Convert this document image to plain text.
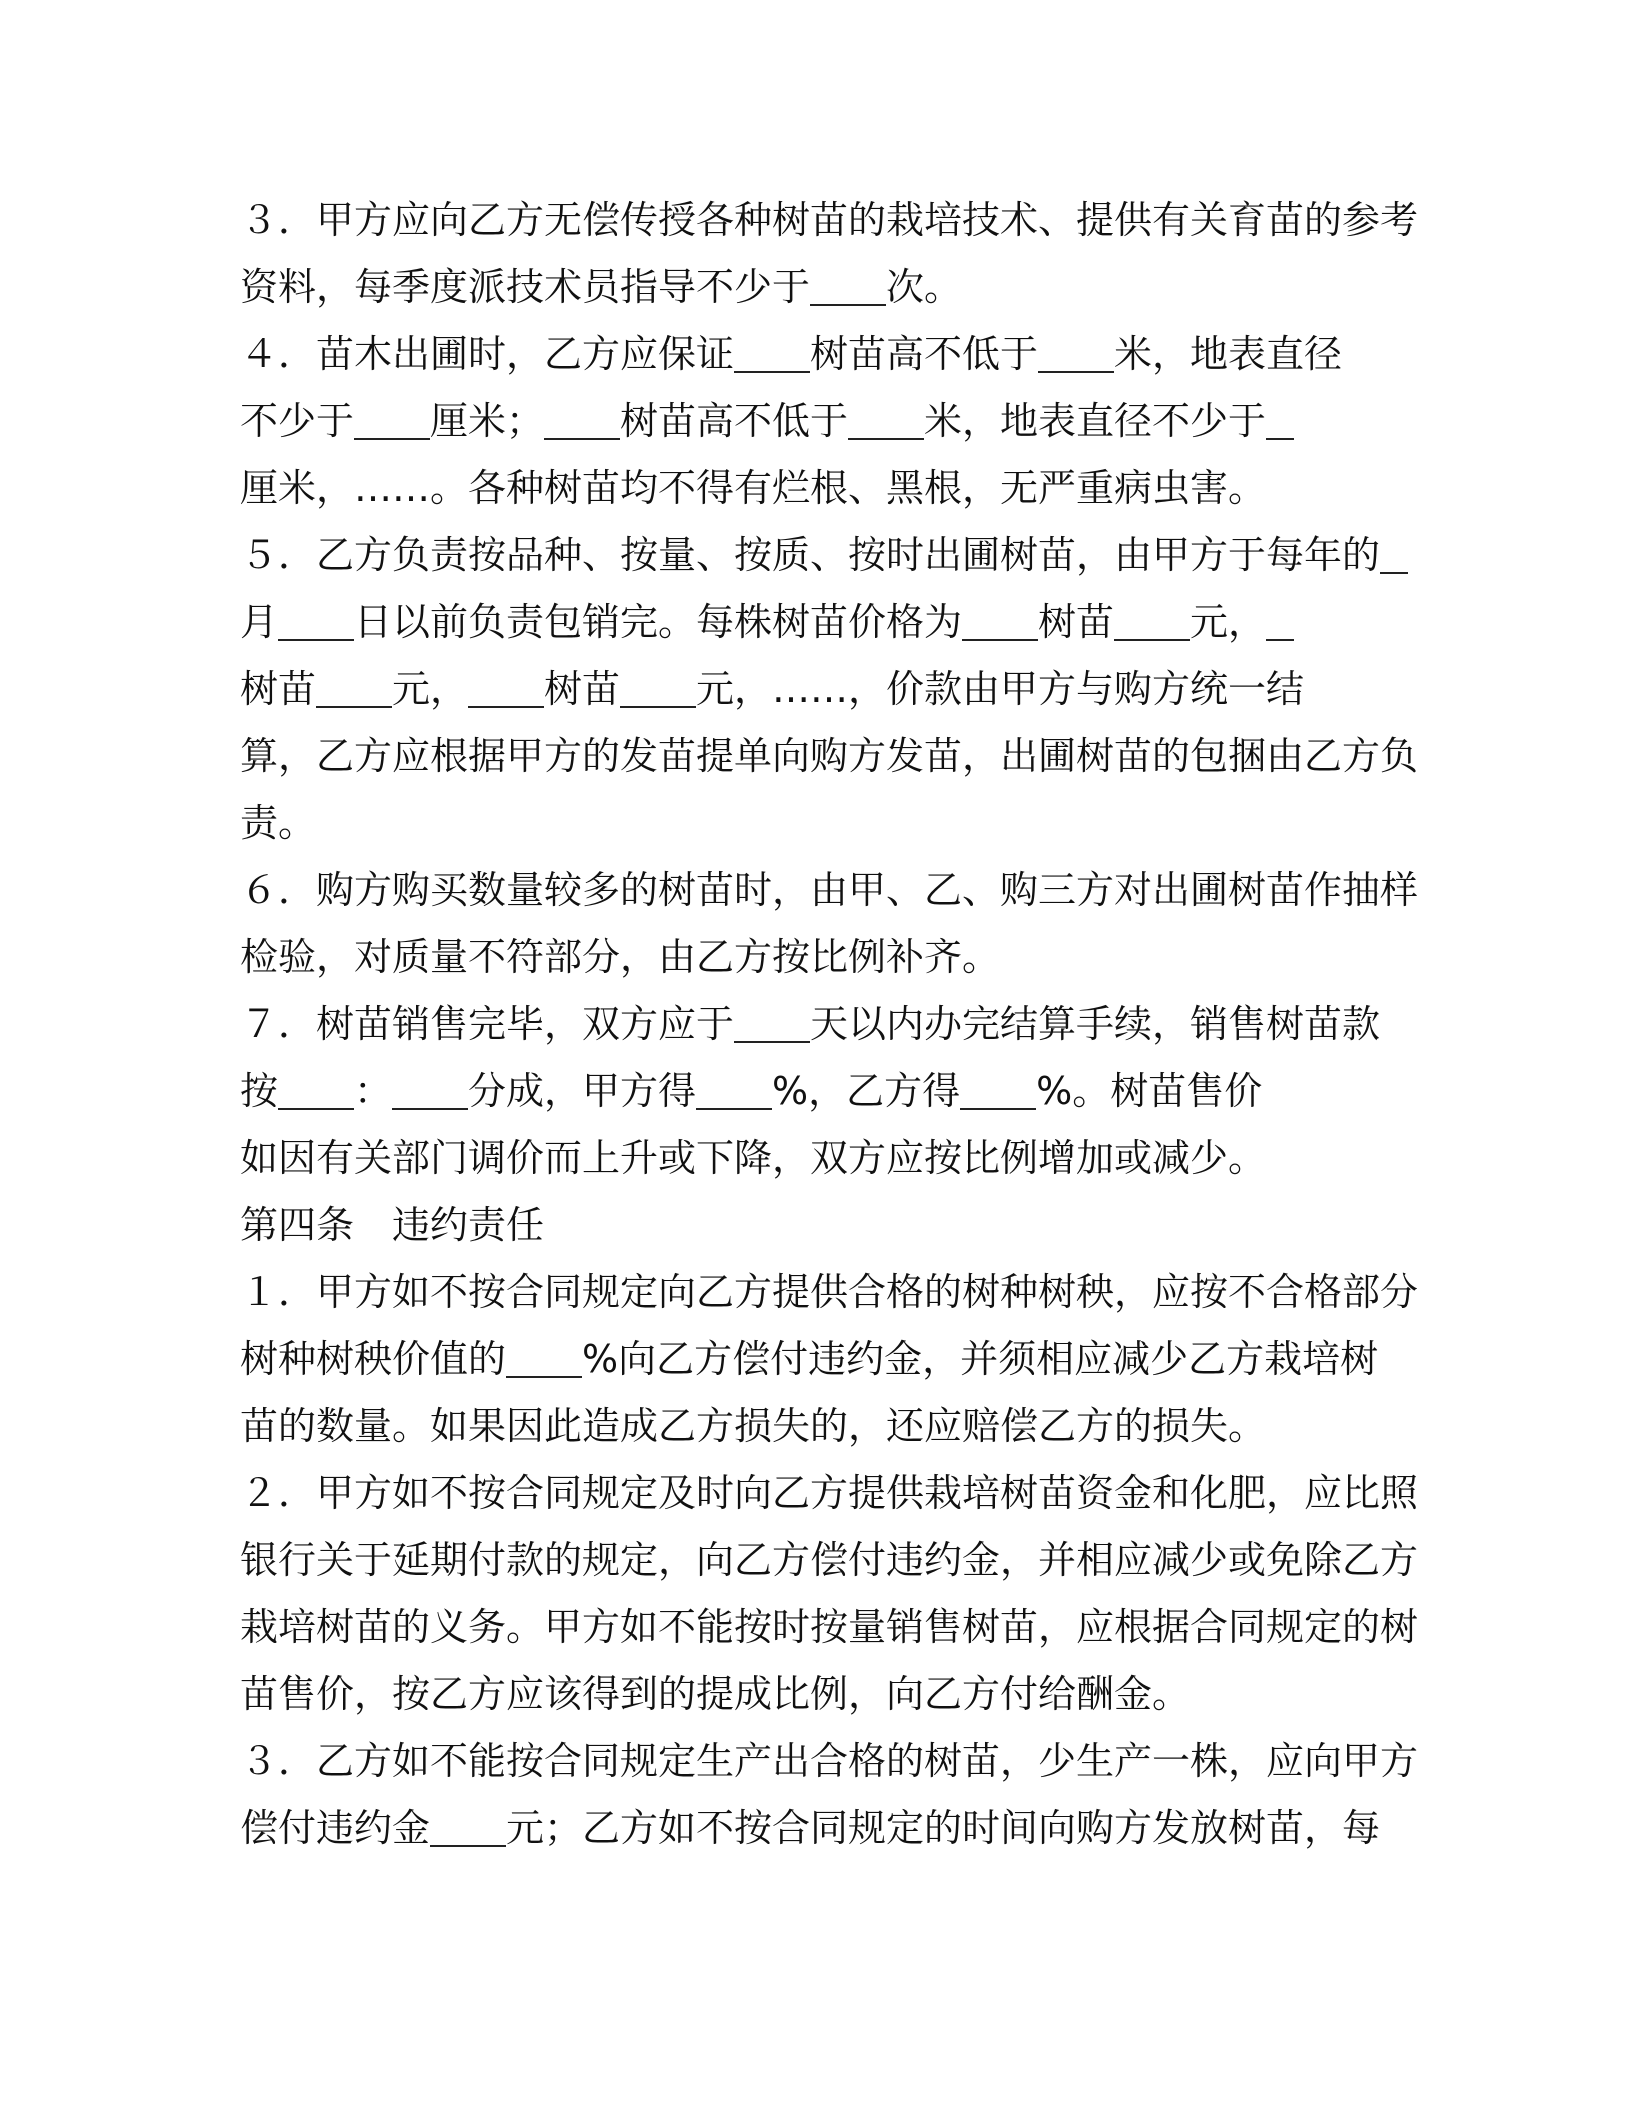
３．甲方应向乙方无偿传授各种树苗的栽培技术、提供有关育苗的参考
资料，每季度派技术员指导不少于 次。
４．苗木出圃时，乙方应保证 树苗高不低于 米，地表直径
不少于 厘米； 树苗高不低于 米，地表直径不少于
厘米，……。各种树苗均不得有烂根、黑根，无严重病虫害。
５．乙方负责按品种、按量、按质、按时出圃树苗，由甲方于每年的
月 日以前负责包销完。每株树苗价格为 树苗 元，
树苗 元， 树苗 元，……，价款由甲方与购方统一结
算，乙方应根据甲方的发苗提单向购方发苗，出圃树苗的包捆由乙方负
责。
６．购方购买数量较多的树苗时，由甲、乙、购三方对出圃树苗作抽样
检验，对质量不符部分，由乙方按比例补齐。
７．树苗销售完毕，双方应于 天以内办完结算手续，销售树苗款
按 ： 分成，甲方得 %，乙方得 %。树苗售价
如因有关部门调价而上升或下降，双方应按比例增加或减少。
第四条　违约责任
１．甲方如不按合同规定向乙方提供合格的树种树秧，应按不合格部分
树种树秧价值的 %向乙方偿付违约金，并须相应减少乙方栽培树
苗的数量。如果因此造成乙方损失的，还应赔偿乙方的损失。
２．甲方如不按合同规定及时向乙方提供栽培树苗资金和化肥，应比照
银行关于延期付款的规定，向乙方偿付违约金，并相应减少或免除乙方
栽培树苗的义务。甲方如不能按时按量销售树苗，应根据合同规定的树
苗售价，按乙方应该得到的提成比例，向乙方付给酬金。
３．乙方如不能按合同规定生产出合格的树苗，少生产一株，应向甲方
偿付违约金 元；乙方如不按合同规定的时间向购方发放树苗，每
